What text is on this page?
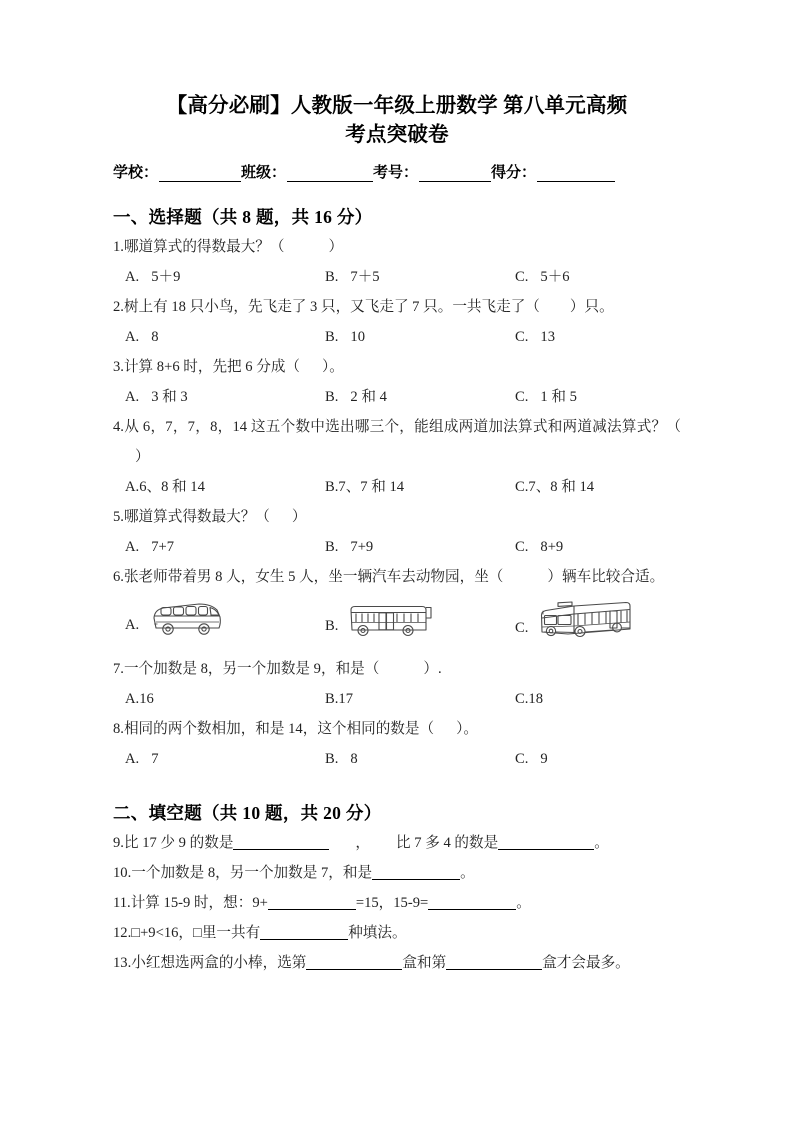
【高分必刷】人教版一年级上册数学 第八单元高频
考点突破卷
学校：	班级：	考号：	得分：
一、选择题（共 8 题，共 16 分）

1.哪道算式的得数最大？（	）

A. 5＋9	B. 7＋5	C. 5＋6

2.树上有 18 只小鸟，先飞走了 3 只，又飞走了 7 只。一共飞走了（ ）只。

A. 8	B. 10	C. 13

3.计算 8+6 时，先把 6 分成（ ）。

A. 3 和 3	B. 2 和 4	C. 1 和 5

4.从 6，7，7，8，14 这五个数中选出哪三个，能组成两道加法算式和两道减法算式？（）

A.6、8 和 14	B.7、7 和 14	C.7、8 和 14

5.哪道算式得数最大？（ ）

A. 7+7	B. 7+9	C. 8+9

6.张老师带着男 8 人，女生 5 人，坐一辆汽车去动物园，坐（	）辆车比较合适。

A.	B.	C.

7.一个加数是 8，另一个加数是 9，和是（	）.

A.16	B.17	C.18

8.相同的两个数相加，和是 14，这个相同的数是（ ）。

A. 7	B. 8	C. 9
二、填空题（共 10 题，共 20 分）

9.比 17 少 9 的数是	， 比 7 多 4 的数是	。

10.一个加数是 8，另一个加数是 7，和是	。

11.计算 15-9 时，想：9+	=15，15-9=	。

12.□+9<16，□里一共有	种填法。

13.小红想选两盒的小棒，选第	盒和第	盒才会最多。
